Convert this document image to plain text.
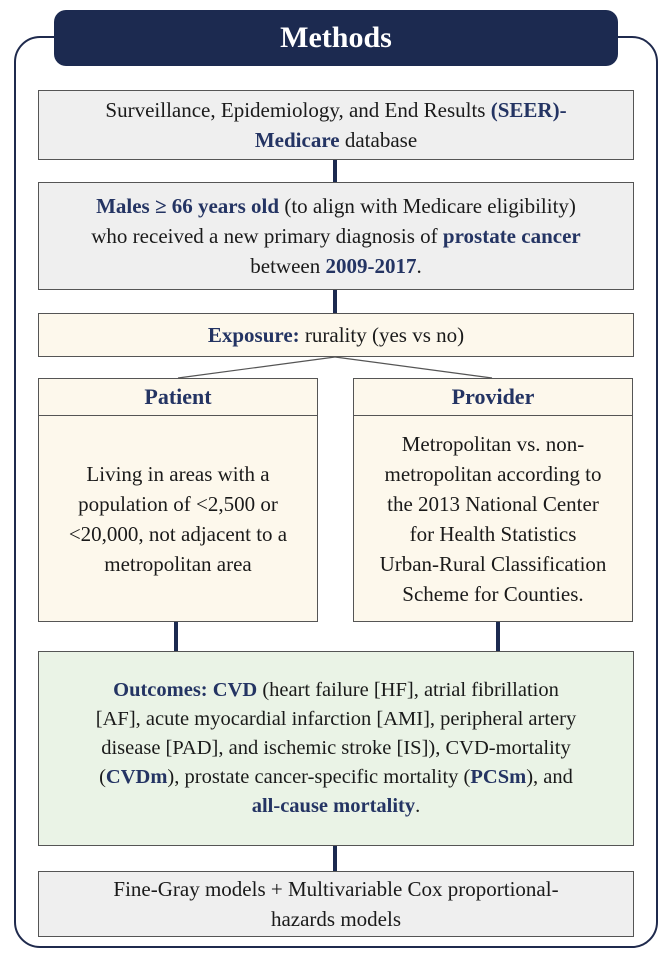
Methods
Surveillance, Epidemiology, and End Results (SEER)-
Medicare database
Males ≥ 66 years old (to align with Medicare eligibility)
who received a new primary diagnosis of prostate cancer
between 2009-2017.
Exposure: rurality (yes vs no)
Patient
Living in areas with a
population of <2,500 or
<20,000, not adjacent to a
metropolitan area
Provider
Metropolitan vs. non-
metropolitan according to
the 2013 National Center
for Health Statistics
Urban-Rural Classification
Scheme for Counties.
Outcomes: CVD (heart failure [HF], atrial fibrillation
[AF], acute myocardial infarction [AMI], peripheral artery
disease [PAD], and ischemic stroke [IS]), CVD-mortality
(CVDm), prostate cancer-specific mortality (PCSm), and
all-cause mortality.
Fine-Gray models + Multivariable Cox proportional-
hazards models
